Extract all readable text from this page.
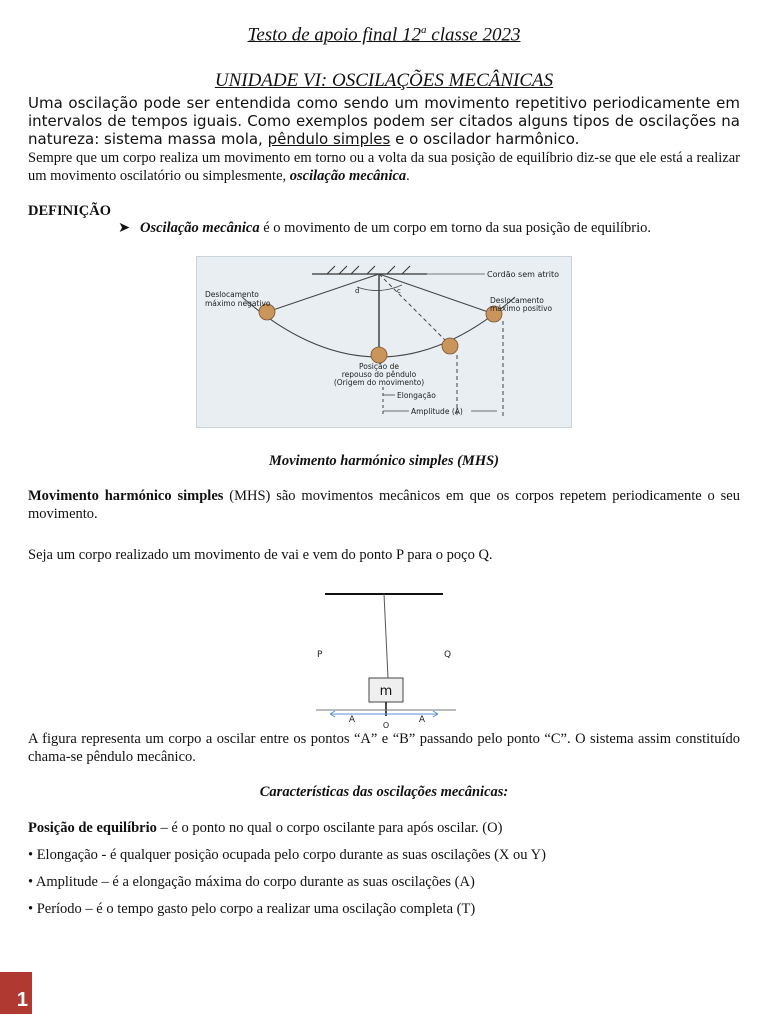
Testo de apoio final 12$^a$ classe 2023
UNIDADE VI: OSCILAÇÕES MECÂNICAS
Uma oscilação pode ser entendida como sendo um movimento repetitivo periodicamente em intervalos de tempos iguais. Como exemplos podem ser citados alguns tipos de oscilações na natureza: sistema massa mola, pêndulo simples e o oscilador harmônico.
Sempre que um corpo realiza um movimento em torno ou a volta da sua posição de equilíbrio diz-se que ele está a realizar um movimento oscilatório ou simplesmente, oscilação mecânica.
DEFINIÇÃO
➤ Oscilação mecânica é o movimento de um corpo em torno da sua posição de equilíbrio.
Cordão sem atrito
d	c
Deslocamento
máximo negativo	Deslocamento
máximo positivo
Posição de
repouso do pêndulo
(Origem do movimento)
Elongação
Amplitude (A)
Movimento harmónico simples (MHS)
Movimento harmónico simples (MHS) são movimentos mecânicos em que os corpos repetem periodicamente o seu movimento.
Seja um corpo realizado um movimento de vai e vem do ponto P para o poço Q.
P	Q
m
A	A
O
A figura representa um corpo a oscilar entre os pontos “A” e “B” passando pelo ponto “C”. O sistema assim constituído chama-se pêndulo mecânico.
Características das oscilações mecânicas:
Posição de equilíbrio – é o ponto no qual o corpo oscilante para após oscilar. (O)
• Elongação - é qualquer posição ocupada pelo corpo durante as suas oscilações (X ou Y)
• Amplitude – é a elongação máxima do corpo durante as suas oscilações (A)
• Período – é o tempo gasto pelo corpo a realizar uma oscilação completa (T)
1
